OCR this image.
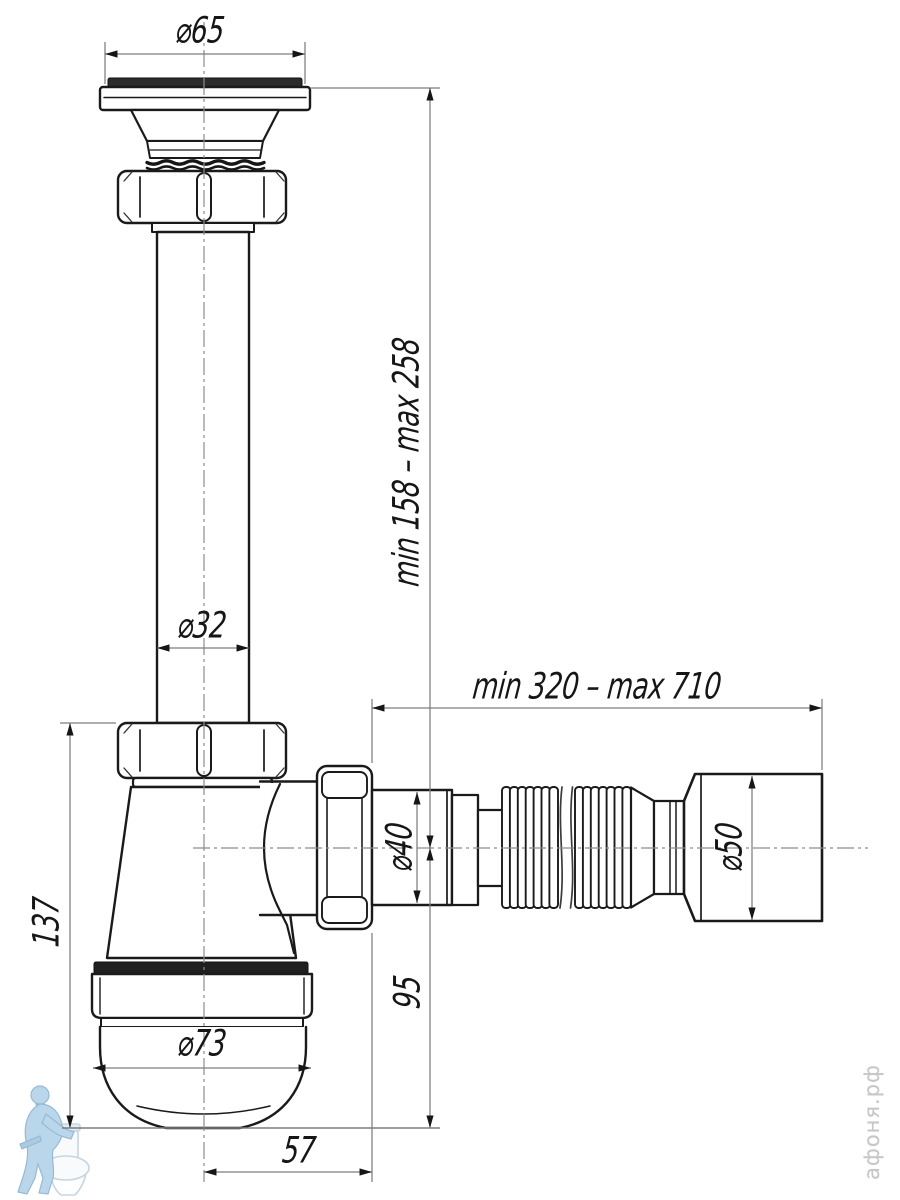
⌀65
⌀32
min 158 – max 258
min 320 – max 710
⌀40	⌀50
⌀73
137
95
57	афоня.рф
